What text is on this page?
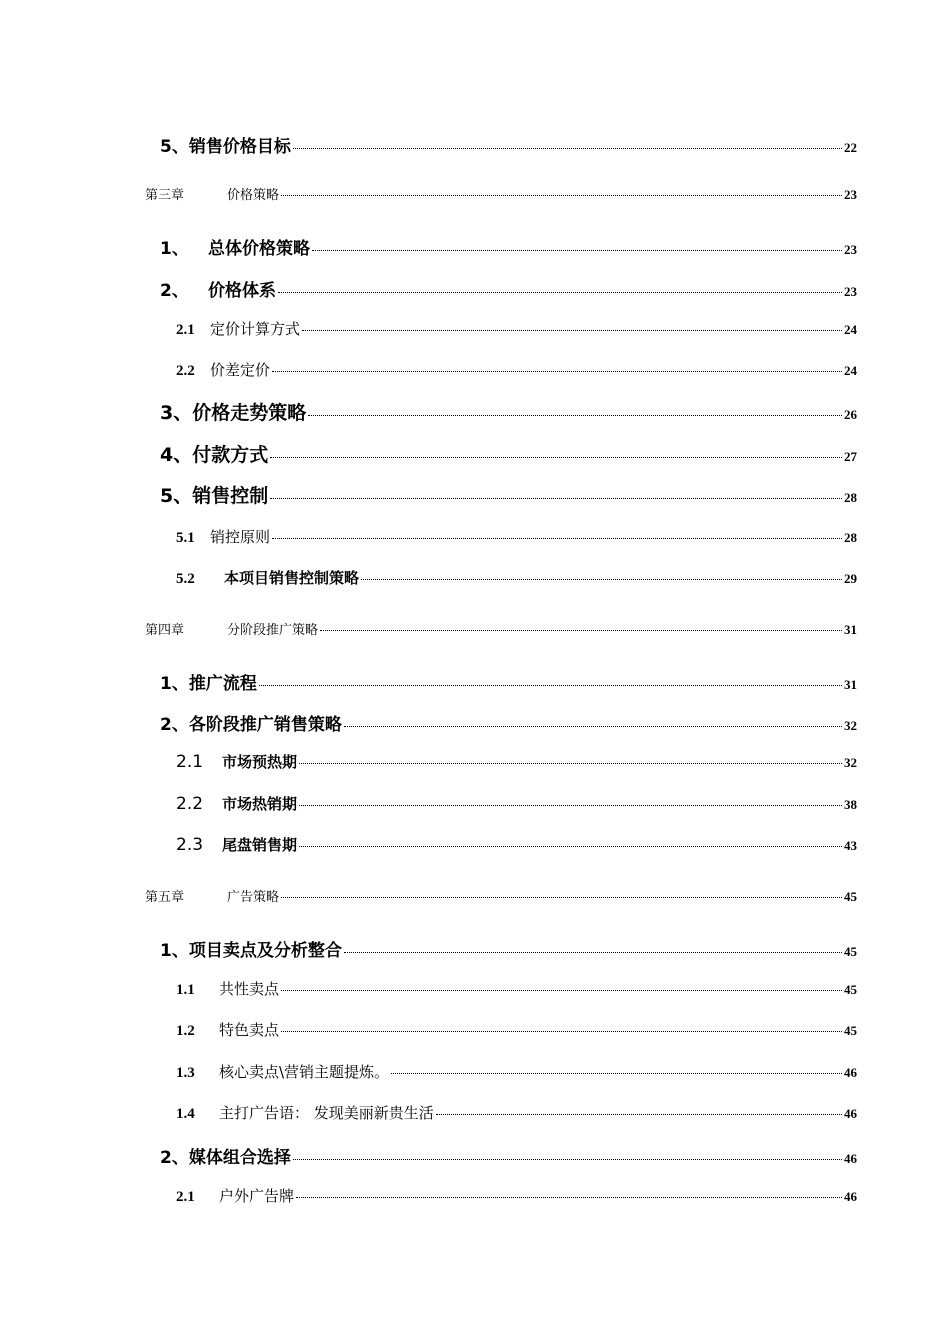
5、 销售价格目标	22
第三章	价格策略	23
1、	总体价格策略	23
2、	价格体系	23
2.1	定价计算方式	24
2.2	价差定价	24
3、 价格走势策略	26
4、 付款方式	27
5、 销售控制	28
5.1	销控原则	28
5.2	本项目销售控制策略	29
第四章	分阶段推广策略	31
1、 推广流程	31
2、 各阶段推广销售策略	32
2.1	市场预热期	32
2.2	市场热销期	38
2.3	尾盘销售期	43
第五章	广告策略	45
1、 项目卖点及分析整合	45
1.1	共性卖点	45
1.2	特色卖点	45
1.3	核心卖点\营销主题提炼。	46
1.4	主打广告语： 发现美丽新贵生活	46
2、 媒体组合选择	46
2.1	户外广告牌	46
